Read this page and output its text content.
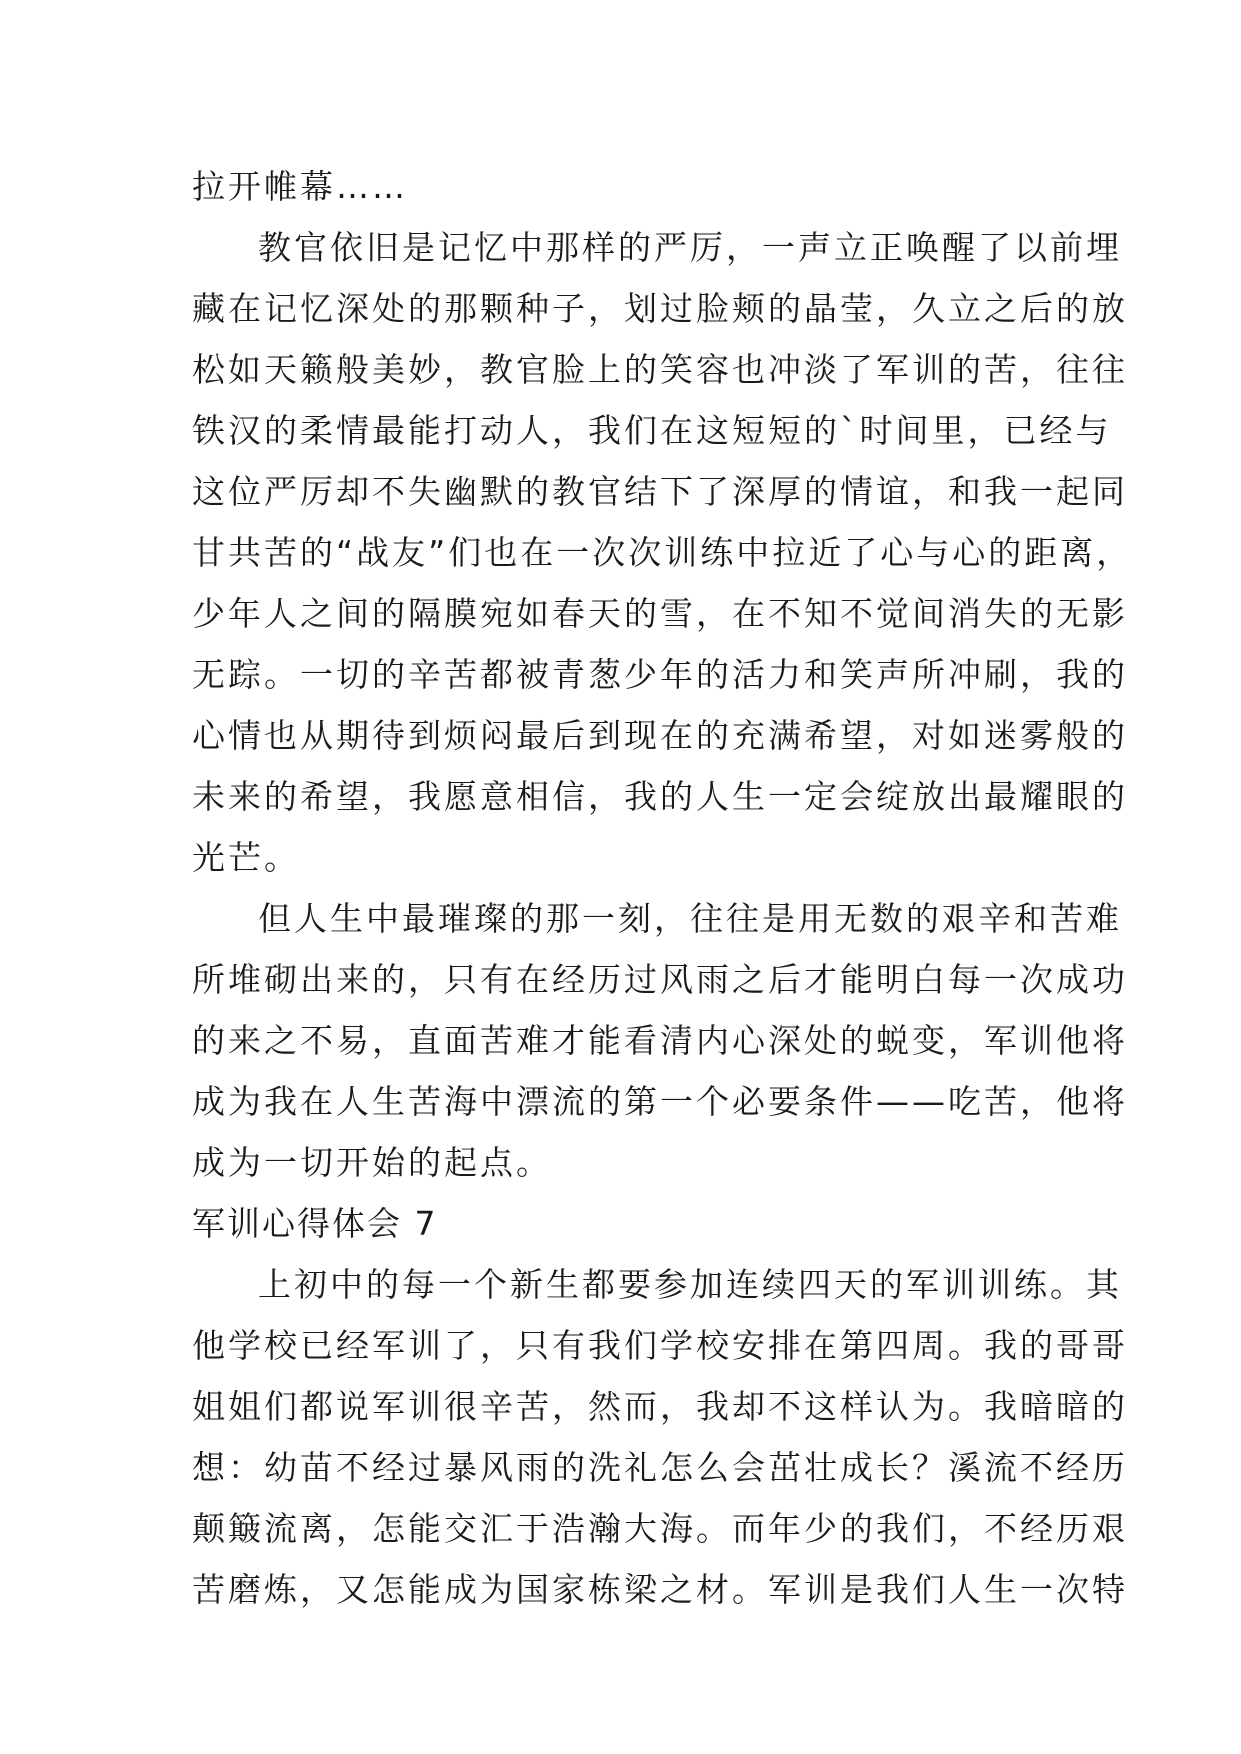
拉开帷幕……
教官依旧是记忆中那样的严厉，一声立正唤醒了以前埋
藏在记忆深处的那颗种子，划过脸颊的晶莹，久立之后的放
松如天籁般美妙，教官脸上的笑容也冲淡了军训的苦，往往
铁汉的柔情最能打动人，我们在这短短的`时间里，已经与
这位严厉却不失幽默的教官结下了深厚的情谊，和我一起同
甘共苦的“战友”们也在一次次训练中拉近了心与心的距离，
少年人之间的隔膜宛如春天的雪，在不知不觉间消失的无影
无踪。一切的辛苦都被青葱少年的活力和笑声所冲刷，我的
心情也从期待到烦闷最后到现在的充满希望，对如迷雾般的
未来的希望，我愿意相信，我的人生一定会绽放出最耀眼的
光芒。
但人生中最璀璨的那一刻，往往是用无数的艰辛和苦难
所堆砌出来的，只有在经历过风雨之后才能明白每一次成功
的来之不易，直面苦难才能看清内心深处的蜕变，军训他将
成为我在人生苦海中漂流的第一个必要条件——吃苦，他将
成为一切开始的起点。
军训心得体会 7
上初中的每一个新生都要参加连续四天的军训训练。其
他学校已经军训了，只有我们学校安排在第四周。我的哥哥
姐姐们都说军训很辛苦，然而，我却不这样认为。我暗暗的
想：幼苗不经过暴风雨的洗礼怎么会茁壮成长？溪流不经历
颠簸流离，怎能交汇于浩瀚大海。而年少的我们，不经历艰
苦磨炼，又怎能成为国家栋梁之材。军训是我们人生一次特
